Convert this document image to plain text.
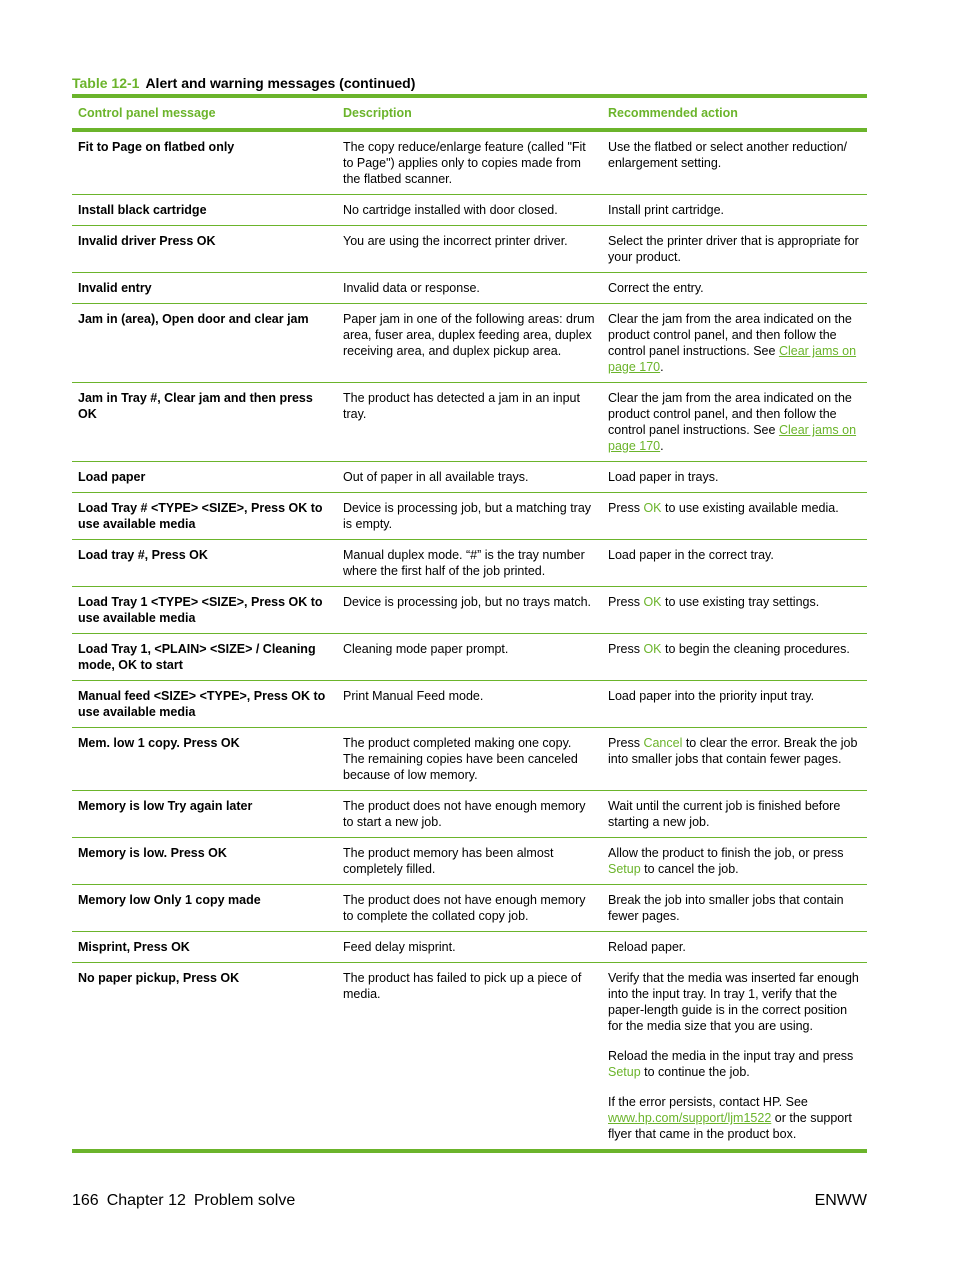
Table 12-1 Alert and warning messages (continued)
Control panel message	Description	Recommended action
Fit to Page on flatbed only	The copy reduce/enlarge feature (called "Fit to Page") applies only to copies made from the flatbed scanner.	Use the flatbed or select another reduction/ enlargement setting.
Install black cartridge	No cartridge installed with door closed.	Install print cartridge.
Invalid driver Press OK	You are using the incorrect printer driver.	Select the printer driver that is appropriate for your product.
Invalid entry	Invalid data or response.	Correct the entry.
Jam in (area), Open door and clear jam	Paper jam in one of the following areas: drum area, fuser area, duplex feeding area, duplex receiving area, and duplex pickup area.	Clear the jam from the area indicated on the product control panel, and then follow the control panel instructions. See Clear jams on page 170.
Jam in Tray #, Clear jam and then press OK	The product has detected a jam in an input tray.	Clear the jam from the area indicated on the product control panel, and then follow the control panel instructions. See Clear jams on page 170.
Load paper	Out of paper in all available trays.	Load paper in trays.
Load Tray # <TYPE> <SIZE>, Press OK to use available media	Device is processing job, but a matching tray is empty.	Press OK to use existing available media.
Load tray #, Press OK	Manual duplex mode. “#” is the tray number where the first half of the job printed.	Load paper in the correct tray.
Load Tray 1 <TYPE> <SIZE>, Press OK to use available media	Device is processing job, but no trays match.	Press OK to use existing tray settings.
Load Tray 1, <PLAIN> <SIZE> / Cleaning mode, OK to start	Cleaning mode paper prompt.	Press OK to begin the cleaning procedures.
Manual feed <SIZE> <TYPE>, Press OK to use available media	Print Manual Feed mode.	Load paper into the priority input tray.
Mem. low 1 copy. Press OK	The product completed making one copy. The remaining copies have been canceled because of low memory.	Press Cancel to clear the error. Break the job into smaller jobs that contain fewer pages.
Memory is low Try again later	The product does not have enough memory to start a new job.	Wait until the current job is finished before starting a new job.
Memory is low. Press OK	The product memory has been almost completely filled.	Allow the product to finish the job, or press Setup to cancel the job.
Memory low Only 1 copy made	The product does not have enough memory to complete the collated copy job.	Break the job into smaller jobs that contain fewer pages.
Misprint, Press OK	Feed delay misprint.	Reload paper.
No paper pickup, Press OK	The product has failed to pick up a piece of media.	Verify that the media was inserted far enough into the input tray. In tray 1, verify that the paper-length guide is in the correct position for the media size that you are using.

Reload the media in the input tray and press Setup to continue the job.

If the error persists, contact HP. See www.hp.com/support/ljm1522 or the support flyer that came in the product box.

166 Chapter 12 Problem solve	ENWW
